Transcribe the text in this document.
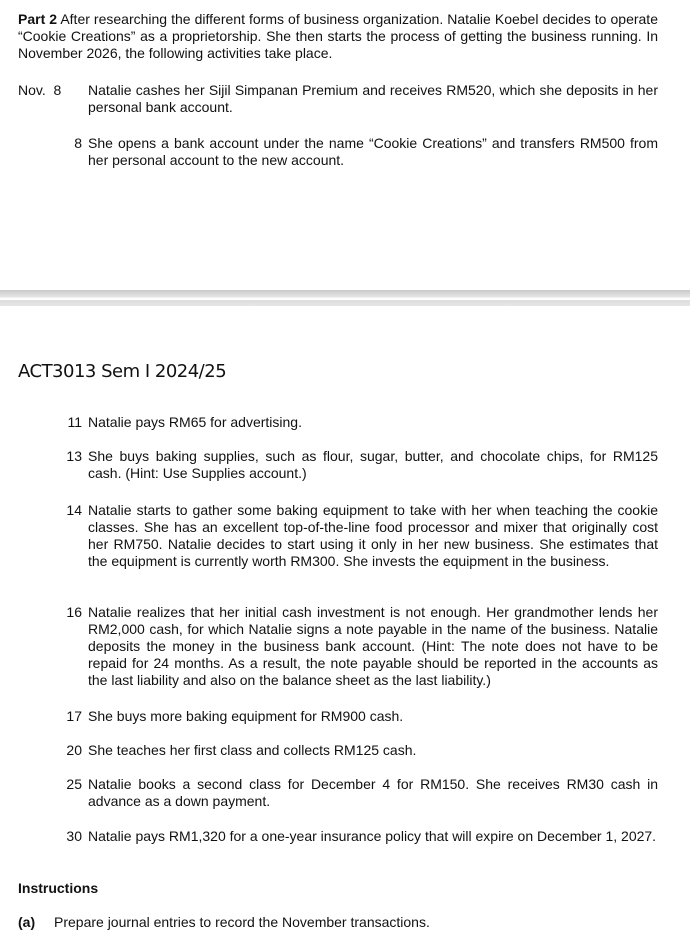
Part 2 After researching the different forms of business organization. Natalie Koebel decides to operate “Cookie Creations” as a proprietorship. She then starts the process of getting the business running. In November 2026, the following activities take place.
Nov.  8	Natalie cashes her Sijil Simpanan Premium and receives RM520, which she deposits in her personal bank account.
8 She opens a bank account under the name “Cookie Creations” and transfers RM500 from her personal account to the new account.
ACT3013 Sem I 2024/25
11 Natalie pays RM65 for advertising.
13 She buys baking supplies, such as flour, sugar, butter, and chocolate chips, for RM125 cash. (Hint: Use Supplies account.)
14 Natalie starts to gather some baking equipment to take with her when teaching the cookie classes. She has an excellent top-of-the-line food processor and mixer that originally cost her RM750. Natalie decides to start using it only in her new business. She estimates that the equipment is currently worth RM300. She invests the equipment in the business.
16 Natalie realizes that her initial cash investment is not enough. Her grandmother lends her RM2,000 cash, for which Natalie signs a note payable in the name of the business. Natalie deposits the money in the business bank account. (Hint: The note does not have to be repaid for 24 months. As a result, the note payable should be reported in the accounts as the last liability and also on the balance sheet as the last liability.)
17 She buys more baking equipment for RM900 cash.
20 She teaches her first class and collects RM125 cash.
25 Natalie books a second class for December 4 for RM150. She receives RM30 cash in advance as a down payment.
30 Natalie pays RM1,320 for a one-year insurance policy that will expire on December 1, 2027.
Instructions
(a)	Prepare journal entries to record the November transactions.
